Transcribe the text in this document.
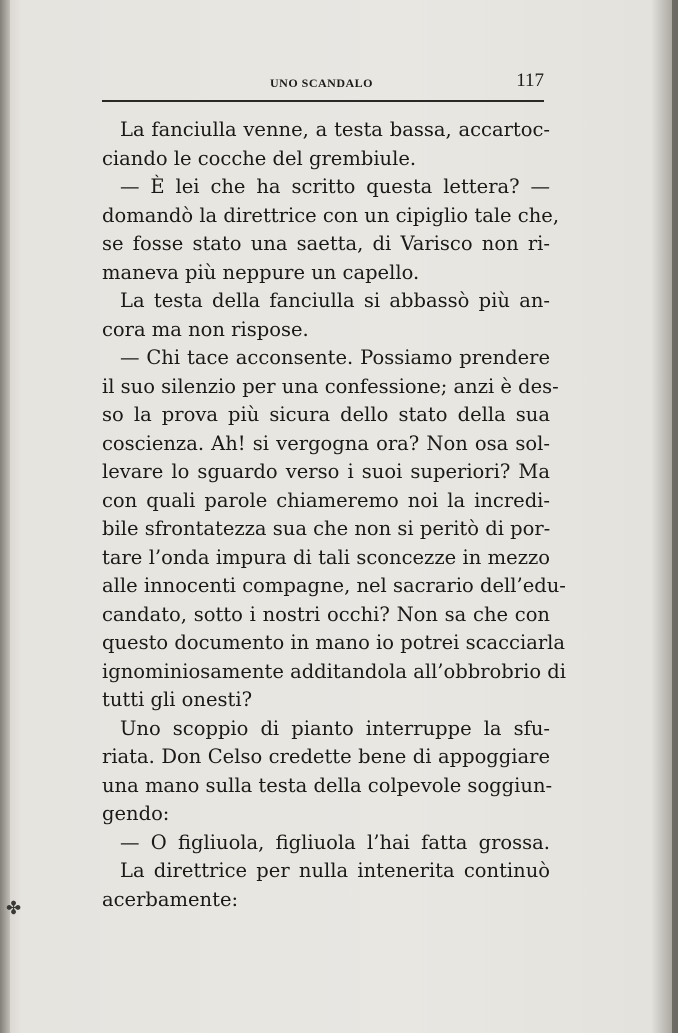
UNO SCANDALO	117
La fanciulla venne, a testa bassa, accartoc-
ciando le cocche del grembiule.
— È lei che ha scritto questa lettera? —
domandò la direttrice con un cipiglio tale che,
se fosse stato una saetta, di Varisco non ri-
maneva più neppure un capello.
La testa della fanciulla si abbassò più an-
cora ma non rispose.
— Chi tace acconsente. Possiamo prendere
il suo silenzio per una confessione; anzi è des-
so la prova più sicura dello stato della sua
coscienza. Ah! si vergogna ora? Non osa sol-
levare lo sguardo verso i suoi superiori? Ma
con quali parole chiameremo noi la incredi-
bile sfrontatezza sua che non si peritò di por-
tare l’onda impura di tali sconcezze in mezzo
alle innocenti compagne, nel sacrario dell’edu-
candato, sotto i nostri occhi? Non sa che con
questo documento in mano io potrei scacciarla
ignominiosamente additandola all’obbrobrio di
tutti gli onesti?
Uno scoppio di pianto interruppe la sfu-
riata. Don Celso credette bene di appoggiare
una mano sulla testa della colpevole soggiun-
gendo:
— O figliuola, figliuola l’hai fatta grossa.
La direttrice per nulla intenerita continuò
acerbamente:
✤
